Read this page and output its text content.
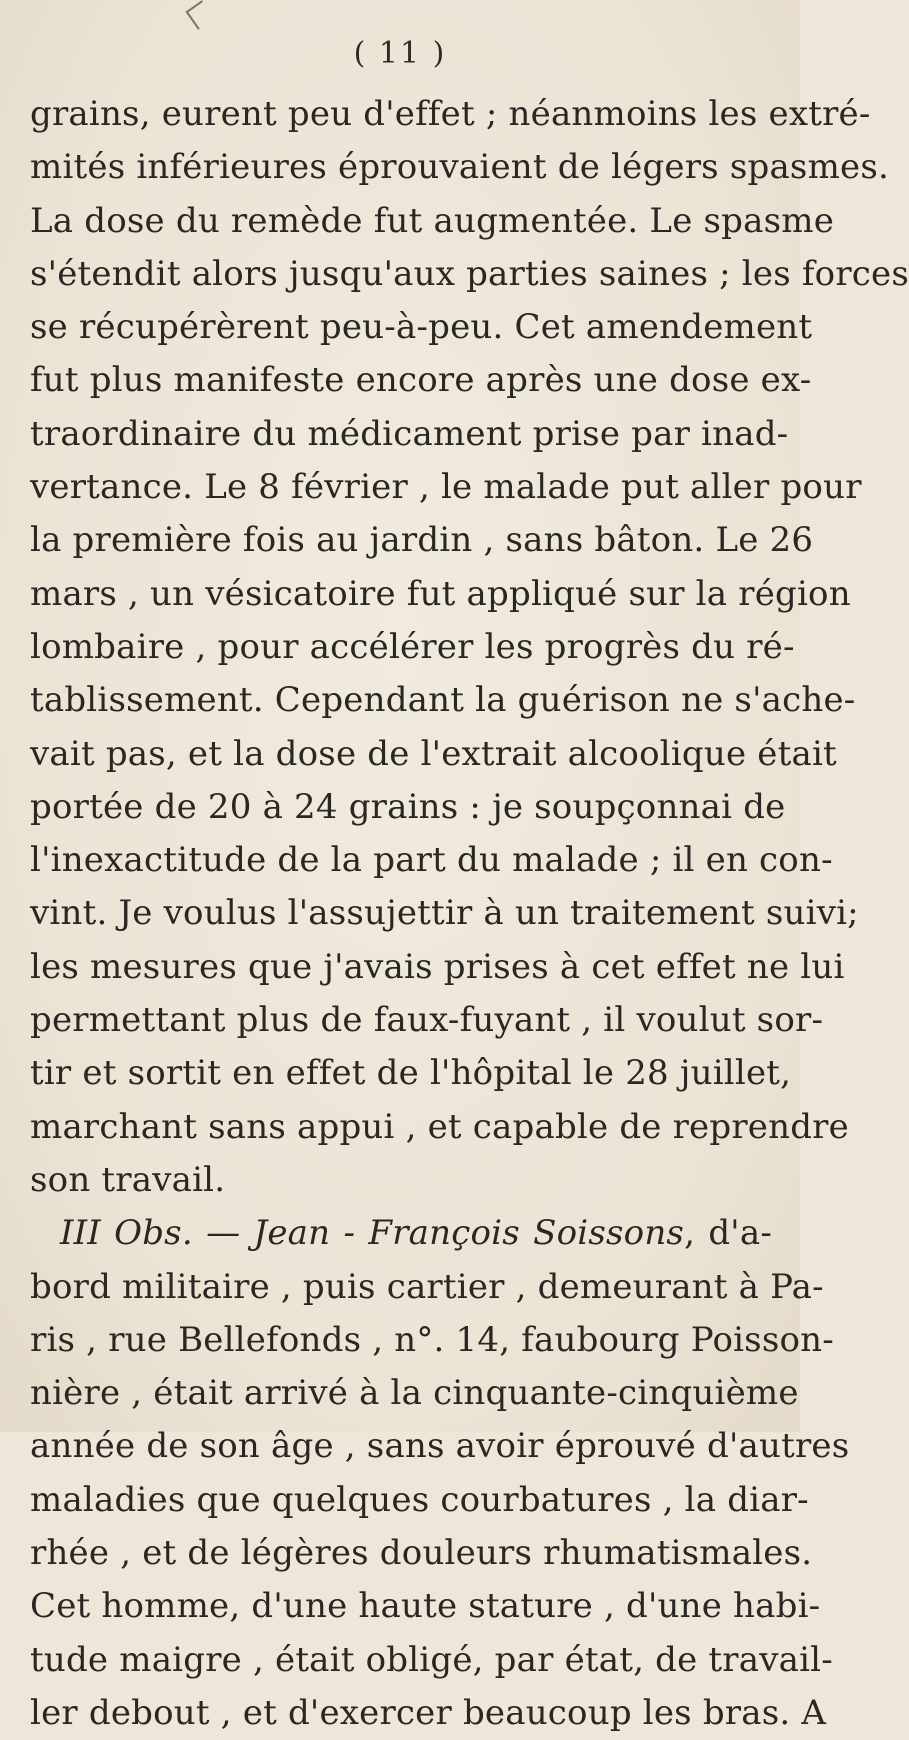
( 11 )
grains, eurent peu d'effet ; néanmoins les extré-
mités inférieures éprouvaient de légers spasmes.
La dose du remède fut augmentée. Le spasme
s'étendit alors jusqu'aux parties saines ; les forces
se récupérèrent peu-à-peu. Cet amendement
fut plus manifeste encore après une dose ex-
traordinaire du médicament prise par inad-
vertance. Le 8 février , le malade put aller pour
la première fois au jardin , sans bâton. Le 26
mars , un vésicatoire fut appliqué sur la région
lombaire , pour accélérer les progrès du ré-
tablissement. Cependant la guérison ne s'ache-
vait pas, et la dose de l'extrait alcoolique était
portée de 20 à 24 grains : je soupçonnai de
l'inexactitude de la part du malade ; il en con-
vint. Je voulus l'assujettir à un traitement suivi;
les mesures que j'avais prises à cet effet ne lui
permettant plus de faux-fuyant , il voulut sor-
tir et sortit en effet de l'hôpital le 28 juillet,
marchant sans appui , et capable de reprendre
son travail.
III Obs. — Jean - François Soissons, d'a-
bord militaire , puis cartier , demeurant à Pa-
ris , rue Bellefonds , n°. 14, faubourg Poisson-
nière , était arrivé à la cinquante-cinquième
année de son âge , sans avoir éprouvé d'autres
maladies que quelques courbatures , la diar-
rhée , et de légères douleurs rhumatismales.
Cet homme, d'une haute stature , d'une habi-
tude maigre , était obligé, par état, de travail-
ler debout , et d'exercer beaucoup les bras. A
